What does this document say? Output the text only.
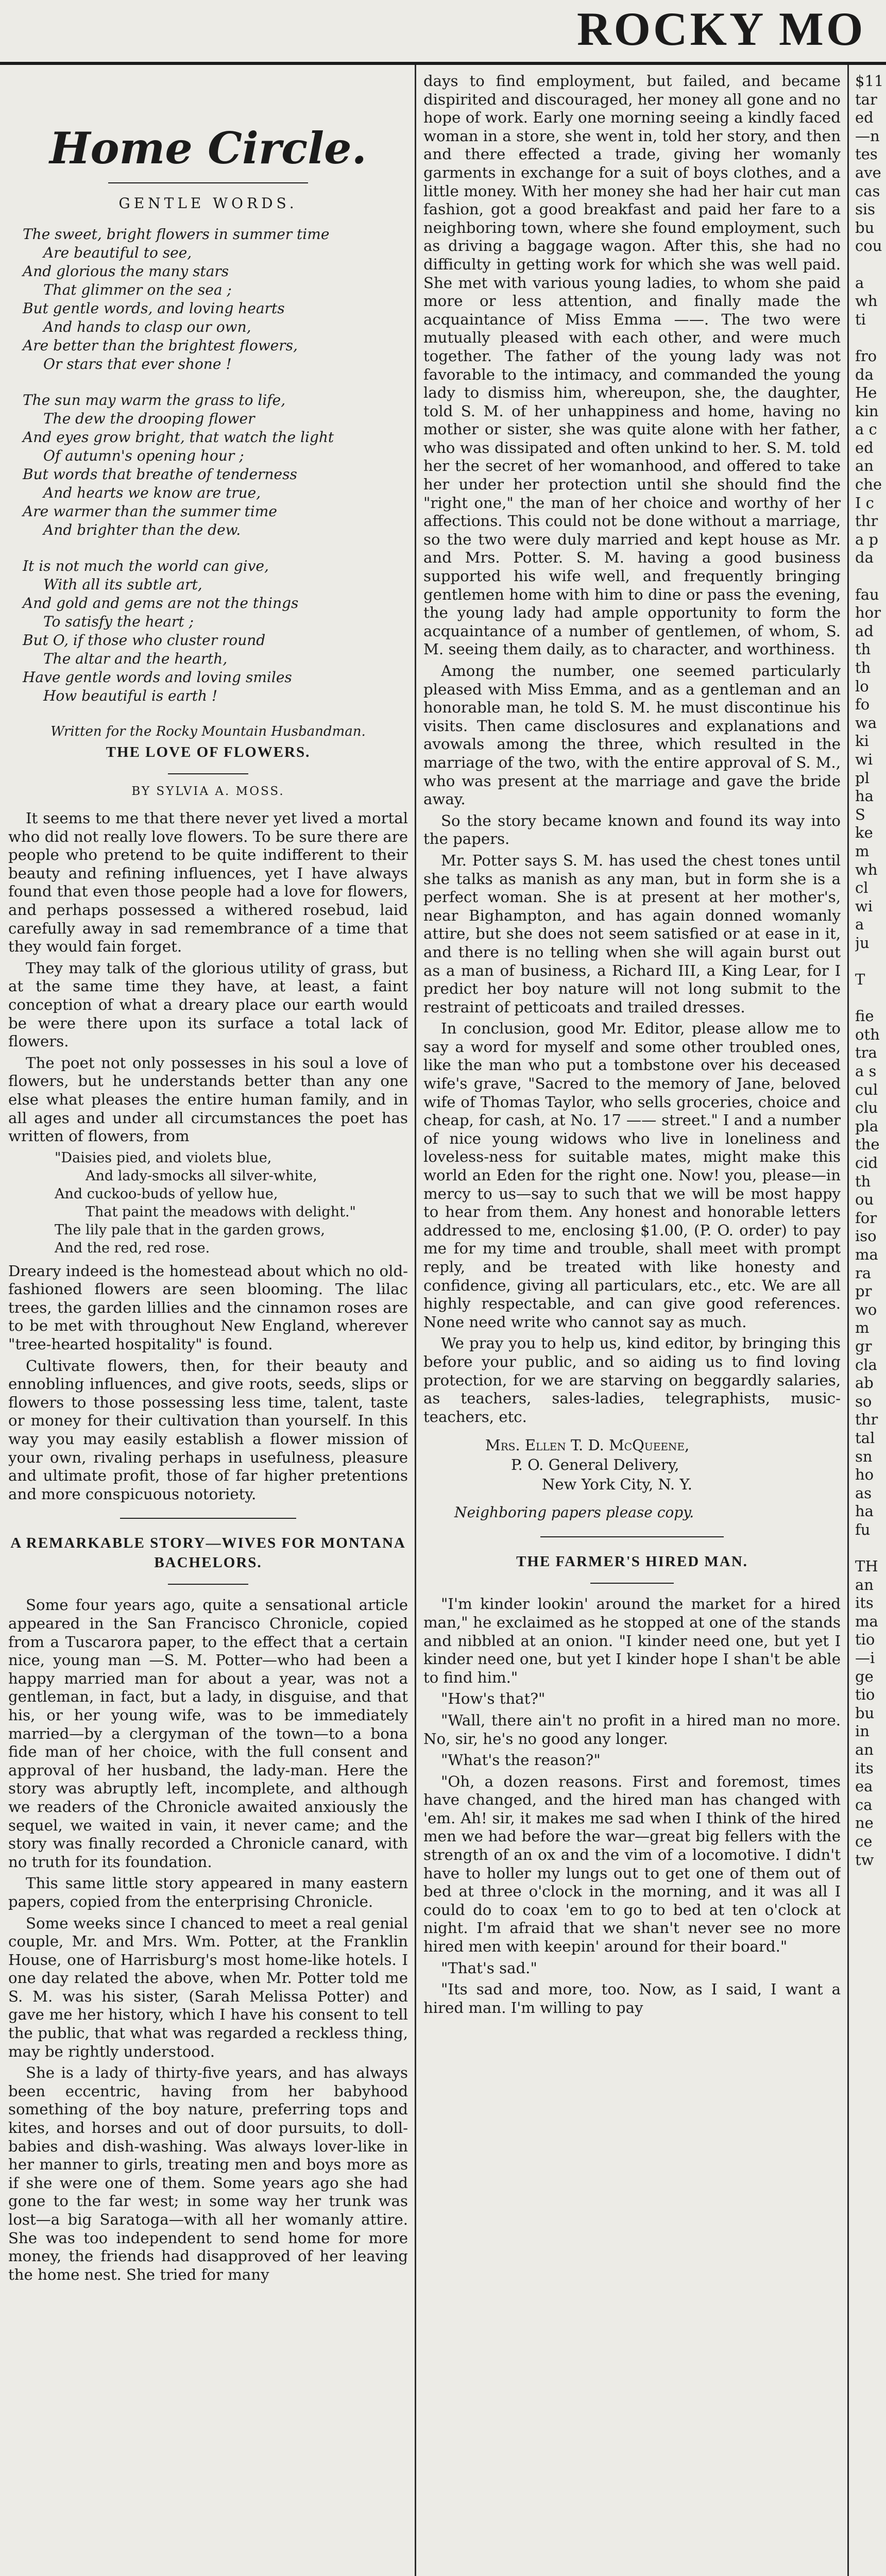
ROCKY MO
Home Circle.
GENTLE WORDS.
The sweet, bright flowers in summer time
Are beautiful to see,
And glorious the many stars
That glimmer on the sea ;
But gentle words, and loving hearts
And hands to clasp our own,
Are better than the brightest flowers,
Or stars that ever shone !
The sun may warm the grass to life,
The dew the drooping flower
And eyes grow bright, that watch the light
Of autumn's opening hour ;
But words that breathe of tenderness
And hearts we know are true,
Are warmer than the summer time
And brighter than the dew.
It is not much the world can give,
With all its subtle art,
And gold and gems are not the things
To satisfy the heart ;
But O, if those who cluster round
The altar and the hearth,
Have gentle words and loving smiles
How beautiful is earth !
Written for the Rocky Mountain Husbandman.
THE LOVE OF FLOWERS.
BY SYLVIA A. MOSS.

It seems to me that there never yet lived a mortal who did not really love flowers. To be sure there are people who pretend to be quite indifferent to their beauty and refining influences, yet I have always found that even those people had a love for flowers, and perhaps possessed a withered rosebud, laid carefully away in sad remembrance of a time that they would fain forget.

They may talk of the glorious utility of grass, but at the same time they have, at least, a faint conception of what a dreary place our earth would be were there upon its surface a total lack of flowers.

The poet not only possesses in his soul a love of flowers, but he understands better than any one else what pleases the entire human family, and in all ages and under all circumstances the poet has written of flowers, from

"Daisies pied, and violets blue,
And lady-smocks all silver-white,
And cuckoo-buds of yellow hue,
That paint the meadows with delight."
The lily pale that in the garden grows,
And the red, red rose.

Dreary indeed is the homestead about which no old-fashioned flowers are seen blooming. The lilac trees, the garden lillies and the cinnamon roses are to be met with throughout New England, wherever "tree-hearted hospitality" is found.

Cultivate flowers, then, for their beauty and ennobling influences, and give roots, seeds, slips or flowers to those possessing less time, talent, taste or money for their cultivation than yourself. In this way you may easily establish a flower mission of your own, rivaling perhaps in usefulness, pleasure and ultimate profit, those of far higher pretentions and more conspicuous notoriety.

A REMARKABLE STORY—WIVES FOR MONTANA BACHELORS.

Some four years ago, quite a sensational article appeared in the San Francisco Chronicle, copied from a Tuscarora paper, to the effect that a certain nice, young man —S. M. Potter—who had been a happy married man for about a year, was not a gentleman, in fact, but a lady, in disguise, and that his, or her young wife, was to be immediately married—by a clergyman of the town—to a bona fide man of her choice, with the full consent and approval of her husband, the lady-man. Here the story was abruptly left, incomplete, and although we readers of the Chronicle awaited anxiously the sequel, we waited in vain, it never came; and the story was finally recorded a Chronicle canard, with no truth for its foundation.

This same little story appeared in many eastern papers, copied from the enterprising Chronicle.

Some weeks since I chanced to meet a real genial couple, Mr. and Mrs. Wm. Potter, at the Franklin House, one of Harrisburg's most home-like hotels. I one day related the above, when Mr. Potter told me S. M. was his sister, (Sarah Melissa Potter) and gave me her history, which I have his consent to tell the public, that what was regarded a reckless thing, may be rightly understood.

She is a lady of thirty-five years, and has always been eccentric, having from her babyhood something of the boy nature, preferring tops and kites, and horses and out of door pursuits, to doll-babies and dish-washing. Was always lover-like in her manner to girls, treating men and boys more as if she were one of them. Some years ago she had gone to the far west; in some way her trunk was lost—a big Saratoga—with all her womanly attire. She was too independent to send home for more money, the friends had disapproved of her leaving the home nest. She tried for many

days to find employment, but failed, and became dispirited and discouraged, her money all gone and no hope of work. Early one morning seeing a kindly faced woman in a store, she went in, told her story, and then and there effected a trade, giving her womanly garments in exchange for a suit of boys clothes, and a little money. With her money she had her hair cut man fashion, got a good breakfast and paid her fare to a neighboring town, where she found employment, such as driving a baggage wagon. After this, she had no difficulty in getting work for which she was well paid. She met with various young ladies, to whom she paid more or less attention, and finally made the acquaintance of Miss Emma ——. The two were mutually pleased with each other, and were much together. The father of the young lady was not favorable to the intimacy, and commanded the young lady to dismiss him, whereupon, she, the daughter, told S. M. of her unhappiness and home, having no mother or sister, she was quite alone with her father, who was dissipated and often unkind to her. S. M. told her the secret of her womanhood, and offered to take her under her protection until she should find the "right one," the man of her choice and worthy of her affections. This could not be done without a marriage, so the two were duly married and kept house as Mr. and Mrs. Potter. S. M. having a good business supported his wife well, and frequently bringing gentlemen home with him to dine or pass the evening, the young lady had ample opportunity to form the acquaintance of a number of gentlemen, of whom, S. M. seeing them daily, as to character, and worthiness.

Among the number, one seemed particularly pleased with Miss Emma, and as a gentleman and an honorable man, he told S. M. he must discontinue his visits. Then came disclosures and explanations and avowals among the three, which resulted in the marriage of the two, with the entire approval of S. M., who was present at the marriage and gave the bride away.

So the story became known and found its way into the papers.

Mr. Potter says S. M. has used the chest tones until she talks as manish as any man, but in form she is a perfect woman. She is at present at her mother's, near Bighampton, and has again donned womanly attire, but she does not seem satisfied or at ease in it, and there is no telling when she will again burst out as a man of business, a Richard III, a King Lear, for I predict her boy nature will not long submit to the restraint of petticoats and trailed dresses.

In conclusion, good Mr. Editor, please allow me to say a word for myself and some other troubled ones, like the man who put a tombstone over his deceased wife's grave, "Sacred to the memory of Jane, beloved wife of Thomas Taylor, who sells groceries, choice and cheap, for cash, at No. 17 —— street." I and a number of nice young widows who live in loneliness and loveless-ness for suitable mates, might make this world an Eden for the right one. Now! you, please—in mercy to us—say to such that we will be most happy to hear from them. Any honest and honorable letters addressed to me, enclosing $1.00, (P. O. order) to pay me for my time and trouble, shall meet with prompt reply, and be treated with like honesty and confidence, giving all particulars, etc., etc. We are all highly respectable, and can give good references. None need write who cannot say as much.

We pray you to help us, kind editor, by bringing this before your public, and so aiding us to find loving protection, for we are starving on beggardly salaries, as teachers, sales-ladies, telegraphists, music-teachers, etc.

Mrs. Ellen T. D. McQueene,
P. O. General Delivery,
New York City, N. Y.
Neighboring papers please copy.
THE FARMER'S HIRED MAN.

"I'm kinder lookin' around the market for a hired man," he exclaimed as he stopped at one of the stands and nibbled at an onion. "I kinder need one, but yet I kinder need one, but yet I kinder hope I shan't be able to find him."

"How's that?"

"Wall, there ain't no profit in a hired man no more. No, sir, he's no good any longer.

"What's the reason?"

"Oh, a dozen reasons. First and foremost, times have changed, and the hired man has changed with 'em. Ah! sir, it makes me sad when I think of the hired men we had before the war—great big fellers with the strength of an ox and the vim of a locomotive. I didn't have to holler my lungs out to get one of them out of bed at three o'clock in the morning, and it was all I could do to coax 'em to go to bed at ten o'clock at night. I'm afraid that we shan't never see no more hired men with keepin' around for their board."

"That's sad."

"Its sad and more, too. Now, as I said, I want a hired man. I'm willing to pay

$11

tar

ed

—n

tes

ave

cas

sis

bu

cou

a

wh

ti

fro

da

He

kin

a c

ed

an

che

I c

thr

a p

da

fau

hor

ad

th

th

lo

fo

wa

ki

wi

pl

ha

S

ke

m

wh

cl

wi

a

ju

T

fie

oth

tra

a s

cul

clu

pla

the

cid

th

ou

for

iso

ma

ra

pr

wo

m

gr

cla

ab

so

thr

tal

sn

ho

as

ha

fu

TH

an

its

ma

tio

—i

ge

tio

bu

in

an

its

ea

ca

ne

ce

tw
